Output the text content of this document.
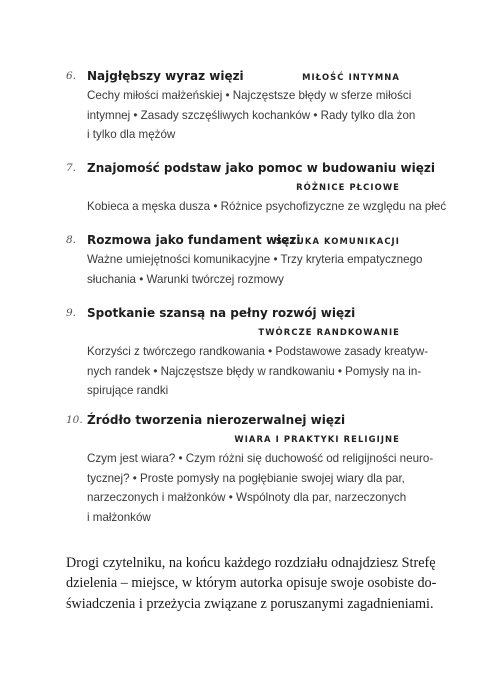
6. Najgłębszy wyraz więzi	MIŁOŚĆ INTYMNA
Cechy miłości małżeńskiej • Najczęstsze błędy w sferze miłości
intymnej • Zasady szczęśliwych kochanków • Rady tylko dla żon
i tylko dla mężów
7. Znajomość podstaw jako pomoc w budowaniu więzi
RÓŻNICE PŁCIOWE
Kobieca a męska dusza • Różnice psychofizyczne ze względu na płeć
8. Rozmowa jako fundament więzi
SZTUKA KOMUNIKACJI
Ważne umiejętności komunikacyjne • Trzy kryteria empatycznego
słuchania • Warunki twórczej rozmowy
9. Spotkanie szansą na pełny rozwój więzi
TWÓRCZE RANDKOWANIE
Korzyści z twórczego randkowania • Podstawowe zasady kreatyw-
nych randek • Najczęstsze błędy w randkowaniu • Pomysły na in-
spirujące randki
10. Źródło tworzenia nierozerwalnej więzi
WIARA I PRAKTYKI RELIGIJNE
Czym jest wiara? • Czym różni się duchowość od religijności neuro-
tycznej? • Proste pomysły na pogłębianie swojej wiary dla par,
narzeczonych i małżonków • Wspólnoty dla par, narzeczonych
i małżonków
Drogi czytelniku, na końcu każdego rozdziału odnajdziesz Strefę
dzielenia – miejsce, w którym autorka opisuje swoje osobiste do-
świadczenia i przeżycia związane z poruszanymi zagadnieniami.
